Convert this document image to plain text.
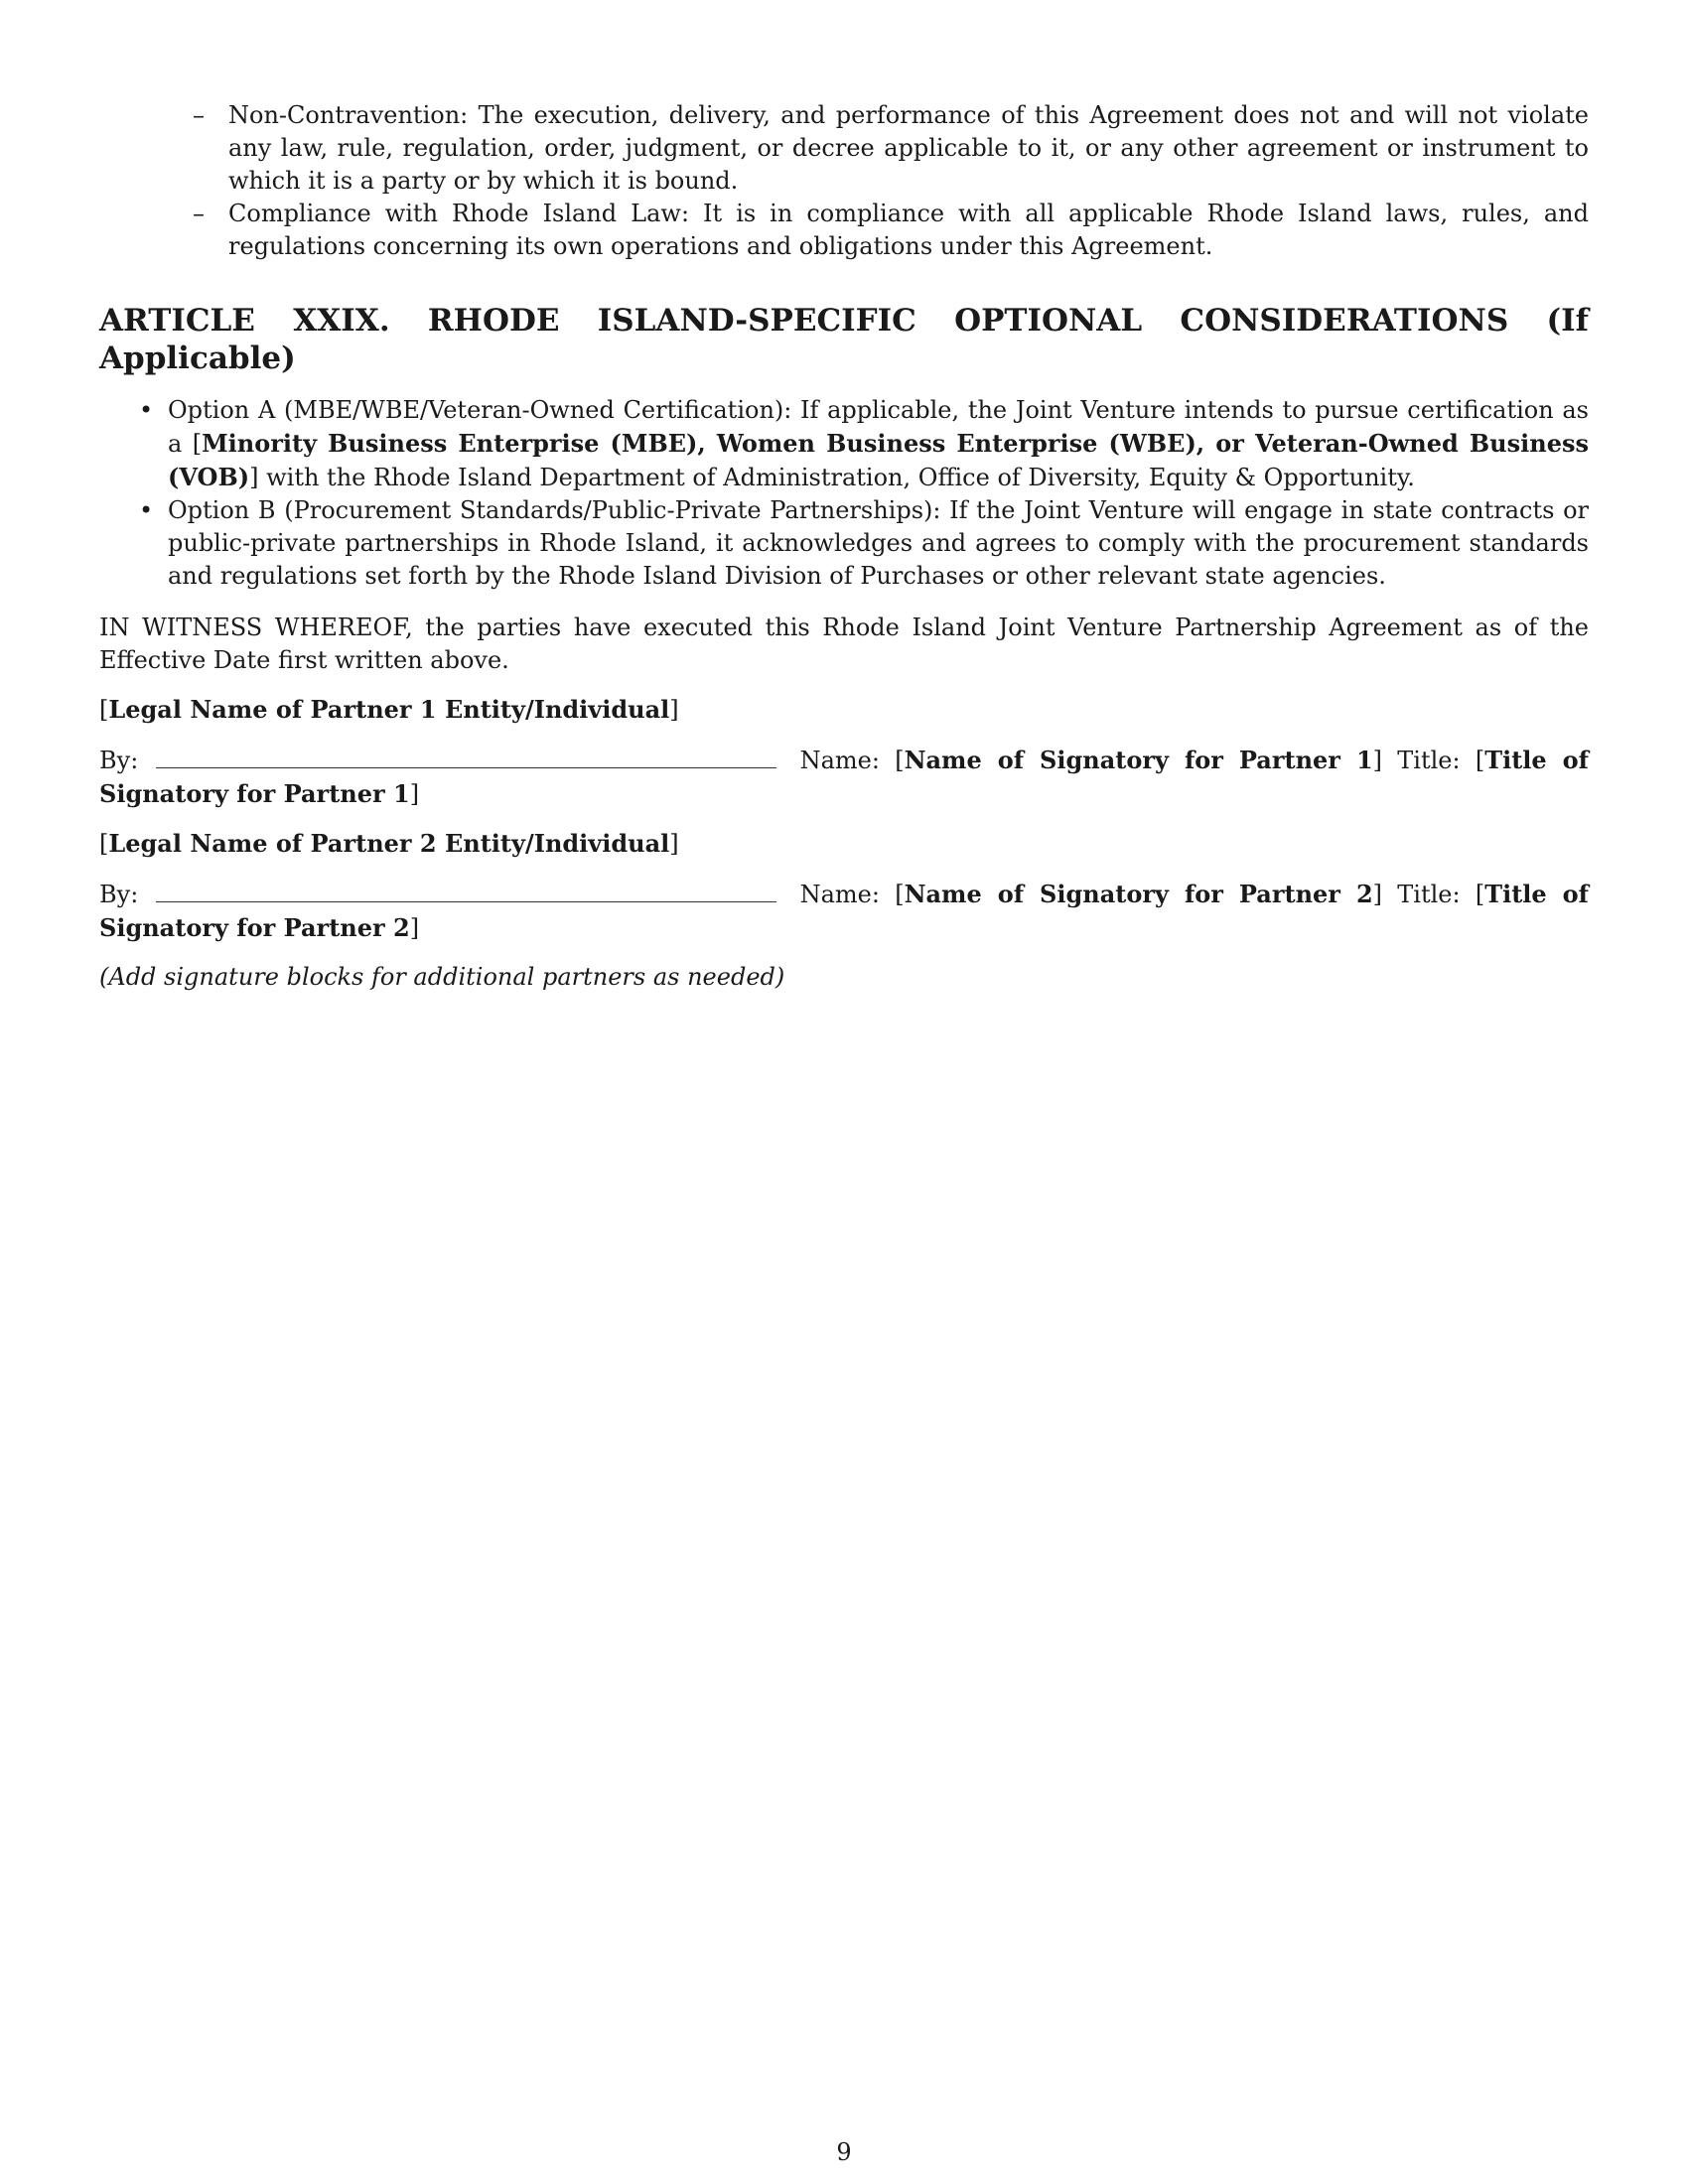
– Non-Contravention: The execution, delivery, and performance of this Agreement does not and will not violate any law, rule, regulation, order, judgment, or decree applicable to it, or any other agreement or instrument to which it is a party or by which it is bound.
– Compliance with Rhode Island Law: It is in compliance with all applicable Rhode Island laws, rules, and regulations concerning its own operations and obligations under this Agreement.
ARTICLE XXIX. RHODE ISLAND-SPECIFIC OPTIONAL CONSIDERATIONS (If Applicable)
• Option A (MBE/WBE/Veteran-Owned Certification): If applicable, the Joint Venture intends to pursue certification as a [Minority Business Enterprise (MBE), Women Business Enterprise (WBE), or Veteran-Owned Business (VOB)] with the Rhode Island Department of Administration, Office of Diversity, Equity & Opportunity.
• Option B (Procurement Standards/Public-Private Partnerships): If the Joint Venture will engage in state contracts or public-private partnerships in Rhode Island, it acknowledges and agrees to comply with the procurement standards and regulations set forth by the Rhode Island Division of Purchases or other relevant state agencies.

IN WITNESS WHEREOF, the parties have executed this Rhode Island Joint Venture Partnership Agreement as of the Effective Date first written above.

[Legal Name of Partner 1 Entity/Individual]

By:	Name: [Name of Signatory for Partner 1] Title: [Title of Signatory for Partner 1]

[Legal Name of Partner 2 Entity/Individual]

By:	Name: [Name of Signatory for Partner 2] Title: [Title of Signatory for Partner 2]

(Add signature blocks for additional partners as needed)

9
